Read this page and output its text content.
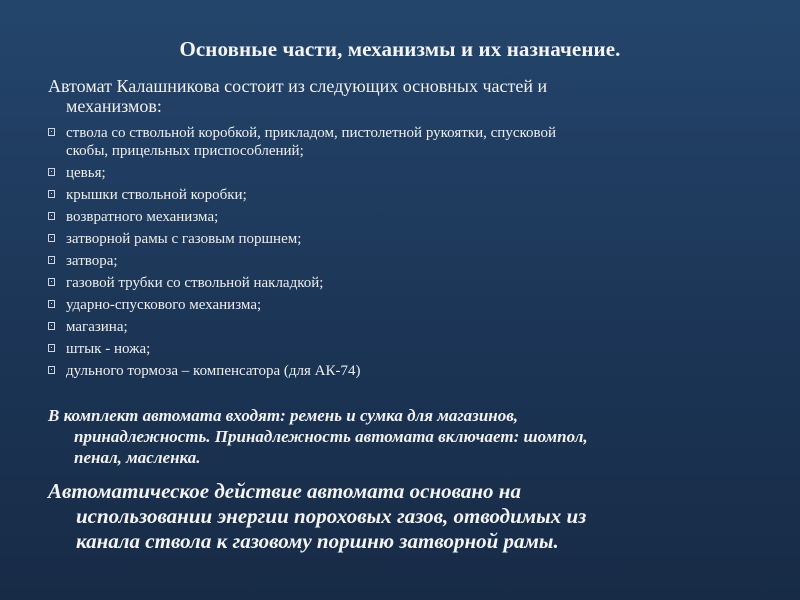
Основные части, механизмы и их назначение.
Автомат Калашникова состоит из следующих основных частей и
механизмов:
ствола со ствольной коробкой, прикладом, пистолетной рукоятки, спусковой
скобы, прицельных приспособлений;
цевья;
крышки ствольной коробки;
возвратного механизма;
затворной рамы с газовым поршнем;
затвора;
газовой трубки со ствольной накладкой;
ударно-спускового механизма;
магазина;
штык - ножа;
дульного тормоза – компенсатора (для АК-74)
В комплект автомата входят: ремень и сумка для магазинов,
принадлежность. Принадлежность автомата включает: шомпол,
пенал, масленка.
Автоматическое действие автомата основано на
использовании энергии пороховых газов, отводимых из
канала ствола к газовому поршню затворной рамы.
